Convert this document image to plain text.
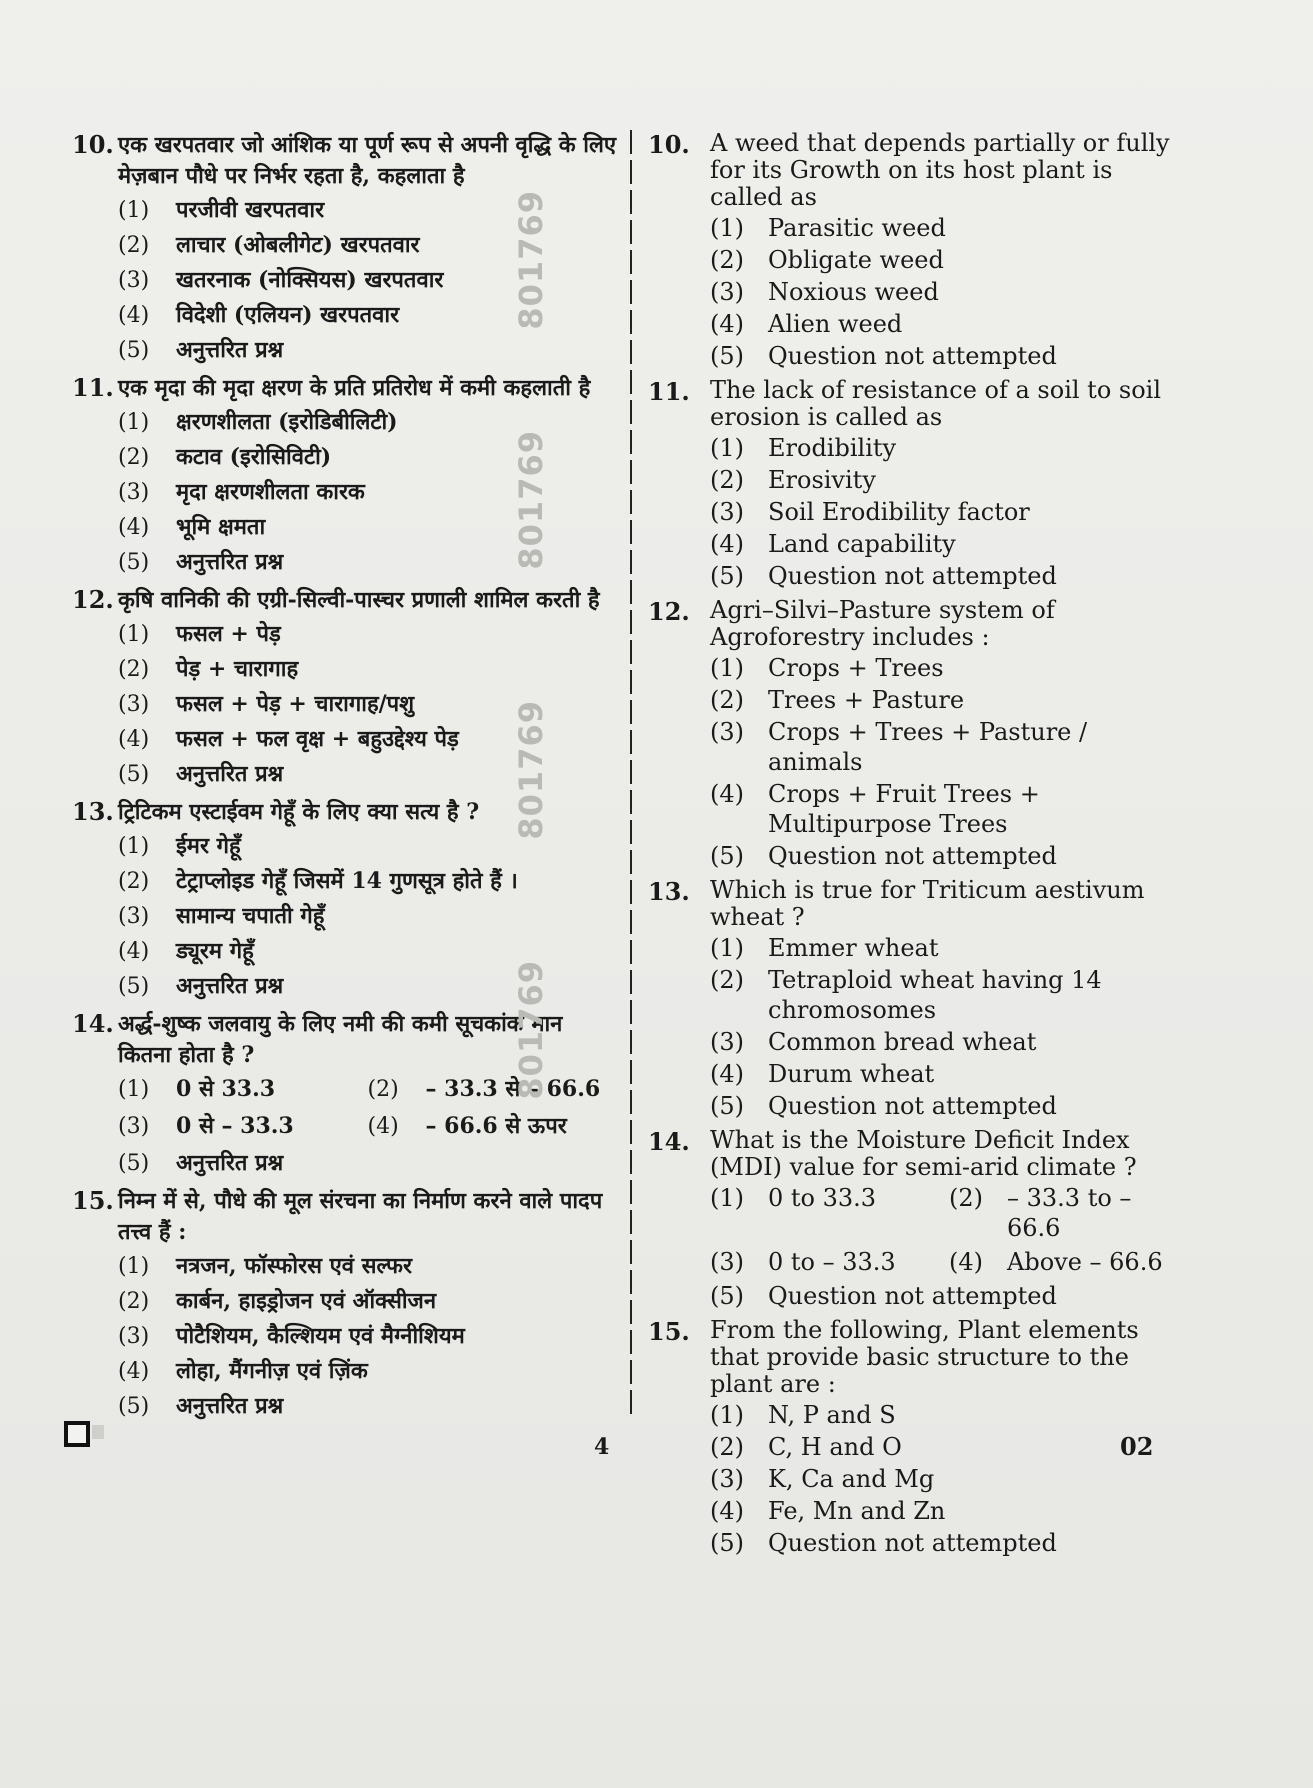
10. एक खरपतवार जो आंशिक या पूर्ण रूप से अपनी वृद्धि के लिए मेज़बान पौधे पर निर्भर रहता है, कहलाता है
(1)	परजीवी खरपतवार
(2)	लाचार (ओबलीगेट) खरपतवार
(3)	खतरनाक (नोक्सियस) खरपतवार
(4)	विदेशी (एलियन) खरपतवार
(5)	अनुत्तरित प्रश्न
11. एक मृदा की मृदा क्षरण के प्रति प्रतिरोध में कमी कहलाती है
(1)	क्षरणशीलता (इरोडिबीलिटी)
(2)	कटाव (इरोसिविटी)
(3)	मृदा क्षरणशीलता कारक
(4)	भूमि क्षमता
(5)	अनुत्तरित प्रश्न
12. कृषि वानिकी की एग्री-सिल्वी-पास्चर प्रणाली शामिल करती है
(1)	फसल + पेड़
(2)	पेड़ + चारागाह
(3)	फसल + पेड़ + चारागाह/पशु
(4)	फसल + फल वृक्ष + बहुउद्देश्य पेड़
(5)	अनुत्तरित प्रश्न
13. ट्रिटिकम एस्टाईवम गेहूँ के लिए क्या सत्य है ?
(1)	ईमर गेहूँ
(2)	टेट्राप्लोइड गेहूँ जिसमें 14 गुणसूत्र होते हैं ।
(3)	सामान्य चपाती गेहूँ
(4)	ड्यूरम गेहूँ
(5)	अनुत्तरित प्रश्न
14. अर्द्ध-शुष्क जलवायु के लिए नमी की कमी सूचकांक मान कितना होता है ?
(1)	0 से 33.3	(2)	– 33.3 से – 66.6
(3)	0 से – 33.3	(4)	– 66.6 से ऊपर
(5)	अनुत्तरित प्रश्न
15. निम्न में से, पौधे की मूल संरचना का निर्माण करने वाले पादप तत्त्व हैं :
(1)	नत्रजन, फॉस्फोरस एवं सल्फर
(2)	कार्बन, हाइड्रोजन एवं ऑक्सीजन
(3)	पोटैशियम, कैल्शियम एवं मैग्नीशियम
(4)	लोहा, मैंगनीज़ एवं ज़िंक
(5)	अनुत्तरित प्रश्न
10. A weed that depends partially or fully for its Growth on its host plant is called as
(1)	Parasitic weed
(2)	Obligate weed
(3)	Noxious weed
(4)	Alien weed
(5)	Question not attempted
11. The lack of resistance of a soil to soil erosion is called as
(1)	Erodibility
(2)	Erosivity
(3)	Soil Erodibility factor
(4)	Land capability
(5)	Question not attempted
12. Agri–Silvi–Pasture system of Agroforestry includes :
(1)	Crops + Trees
(2)	Trees + Pasture
(3)	Crops + Trees + Pasture / animals
(4)	Crops + Fruit Trees + Multipurpose Trees
(5)	Question not attempted
13. Which is true for Triticum aestivum wheat ?
(1)	Emmer wheat
(2)	Tetraploid wheat having 14 chromosomes
(3)	Common bread wheat
(4)	Durum wheat
(5)	Question not attempted
14. What is the Moisture Deficit Index (MDI) value for semi-arid climate ?
(1)	0 to 33.3	(2)	– 33.3 to – 66.6
(3)	0 to – 33.3	(4)	Above – 66.6
(5)	Question not attempted
15. From the following, Plant elements that provide basic structure to the plant are :
(1)	N, P and S
(2)	C, H and O
(3)	K, Ca and Mg
(4)	Fe, Mn and Zn
(5)	Question not attempted
801769
801769
801769
801769
4	02
